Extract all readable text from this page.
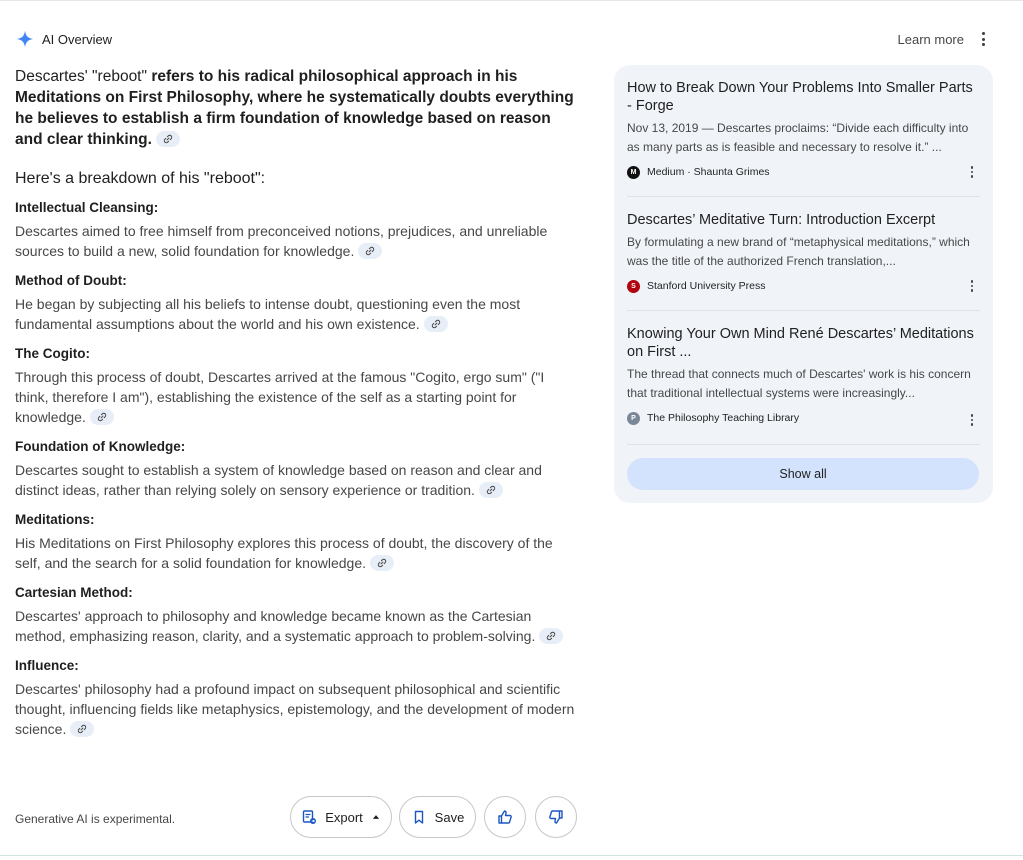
AI Overview	Learn more

Descartes' "reboot" refers to his radical philosophical approach in his Meditations on First Philosophy, where he systematically doubts everything he believes to establish a firm foundation of knowledge based on reason and clear thinking.

Here's a breakdown of his "reboot":
Intellectual Cleansing:

Descartes aimed to free himself from preconceived notions, prejudices, and unreliable sources to build a new, solid foundation for knowledge.

Method of Doubt:

He began by subjecting all his beliefs to intense doubt, questioning even the most fundamental assumptions about the world and his own existence.

The Cogito:

Through this process of doubt, Descartes arrived at the famous "Cogito, ergo sum" ("I think, therefore I am"), establishing the existence of the self as a starting point for knowledge.

Foundation of Knowledge:

Descartes sought to establish a system of knowledge based on reason and clear and distinct ideas, rather than relying solely on sensory experience or tradition.

Meditations:

His Meditations on First Philosophy explores this process of doubt, the discovery of the self, and the search for a solid foundation for knowledge.

Cartesian Method:

Descartes' approach to philosophy and knowledge became known as the Cartesian method, emphasizing reason, clarity, and a systematic approach to problem-solving.

Influence:

Descartes' philosophy had a profound impact on subsequent philosophical and scientific thought, influencing fields like metaphysics, epistemology, and the development of modern science.

Generative AI is experimental.	Export	Save
How to Break Down Your Problems Into Smaller Parts - Forge
Nov 13, 2019 — Descartes proclaims: “Divide each difficulty into as many parts as is feasible and necessary to resolve it.” ...
M	Medium · Shaunta Grimes
Descartes’ Meditative Turn: Introduction Excerpt
By formulating a new brand of “metaphysical meditations,” which was the title of the authorized French translation,...
S	Stanford University Press
Knowing Your Own Mind René Descartes’ Meditations on First ...
The thread that connects much of Descartes' work is his concern that traditional intellectual systems were increasingly...
P	The Philosophy Teaching Library
Show all
